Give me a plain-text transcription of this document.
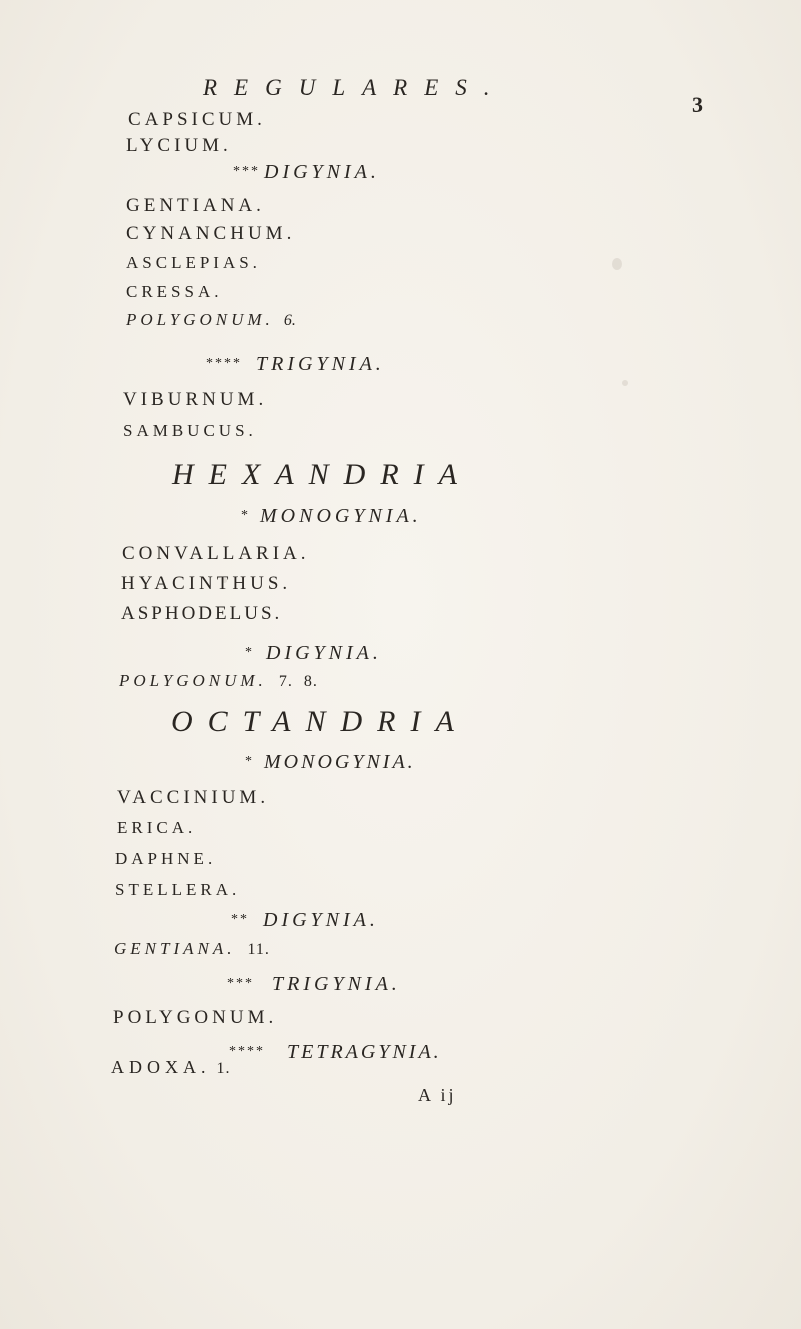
REGULARES.
3
CAPSICUM.
LYCIUM.
*** DIGYNIA.
GENTIANA.
CYNANCHUM.
ASCLEPIAS.
CRESSA.
POLYGONUM. 6.
**** TRIGYNIA.
VIBURNUM.
SAMBUCUS.
HEXANDRIA
* MONOGYNIA.
CONVALLARIA.
HYACINTHUS.
ASPHODELUS.
* DIGYNIA.
POLYGONUM. 7. 8.
OCTANDRIA
* MONOGYNIA.
VACCINIUM.
ERICA.
DAPHNE.
STELLERA.
** DIGYNIA.
GENTIANA. 11.
*** TRIGYNIA.
POLYGONUM.
**** TETRAGYNIA.
ADOXA. 1.
A ij
